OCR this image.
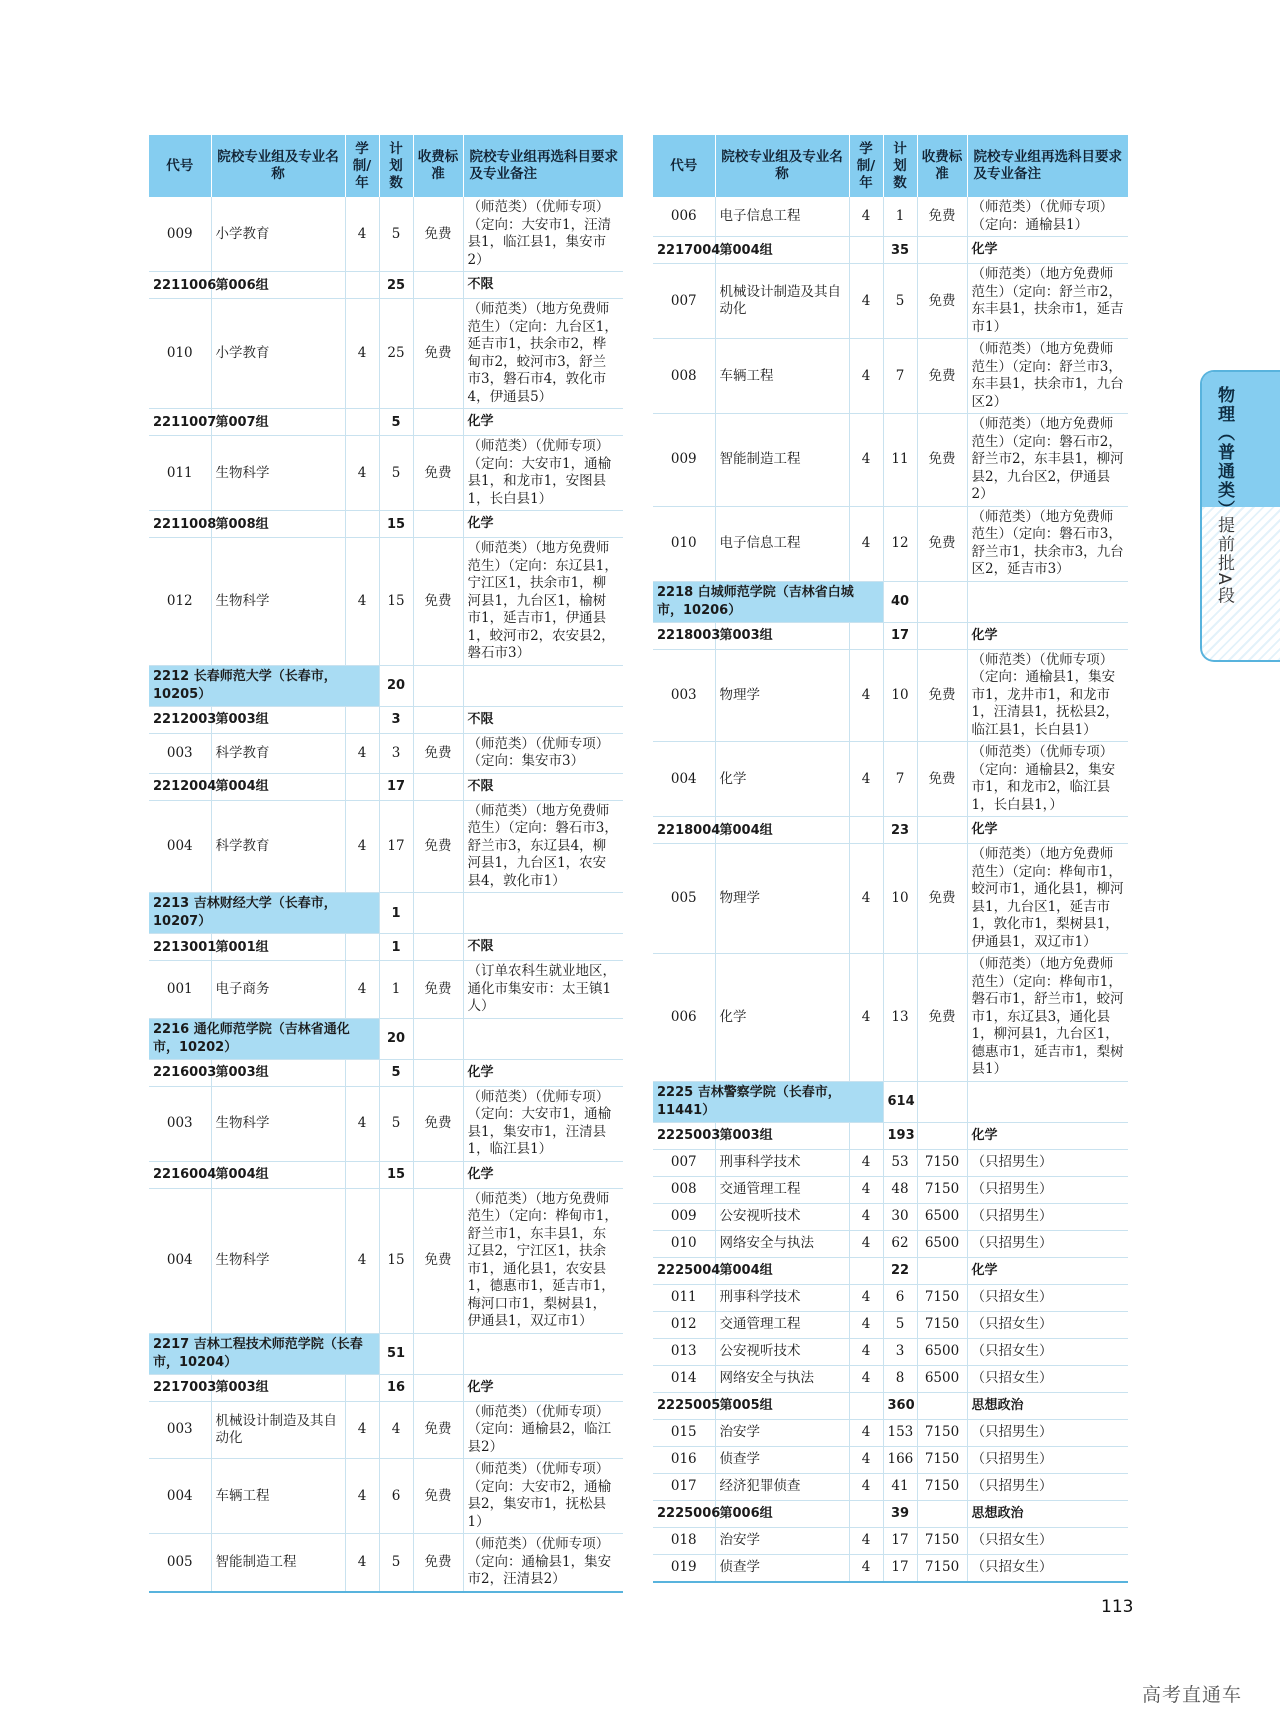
代号	院校专业组及专业名称	学制/年	计划数	收费标准	院校专业组再选科目要求及专业备注
009	小学教育	4	5	免费	（师范类）（优师专项）（定向：大安市1，汪清县1，临江县1，集安市2）
2211006	第006组		25		不限
010	小学教育	4	25	免费	（师范类）（地方免费师范生）（定向：九台区1，延吉市1，扶余市2，桦甸市2，蛟河市3，舒兰市3，磐石市4，敦化市4，伊通县5）
2211007	第007组		5		化学
011	生物科学	4	5	免费	（师范类）（优师专项）（定向：大安市1，通榆县1，和龙市1，安图县1，长白县1）
2211008	第008组		15		化学
012	生物科学	4	15	免费	（师范类）（地方免费师范生）（定向：东辽县1，宁江区1，扶余市1，柳河县1，九台区1，榆树市1，延吉市1，伊通县1，蛟河市2，农安县2，磐石市3）
2212 长春师范大学（长春市，10205）			20		
2212003	第003组		3		不限
003	科学教育	4	3	免费	（师范类）（优师专项）（定向：集安市3）
2212004	第004组		17		不限
004	科学教育	4	17	免费	（师范类）（地方免费师范生）（定向：磐石市3，舒兰市3，东辽县4，柳河县1，九台区1，农安县4，敦化市1）
2213 吉林财经大学（长春市，10207）			1		
2213001	第001组		1		不限
001	电子商务	4	1	免费	（订单农科生就业地区，通化市集安市：太王镇1人）
2216 通化师范学院（吉林省通化市，10202）			20		
2216003	第003组		5		化学
003	生物科学	4	5	免费	（师范类）（优师专项）（定向：大安市1，通榆县1，集安市1，汪清县1，临江县1）
2216004	第004组		15		化学
004	生物科学	4	15	免费	（师范类）（地方免费师范生）（定向：桦甸市1，舒兰市1，东丰县1，东辽县2，宁江区1，扶余市1，通化县1，农安县1，德惠市1，延吉市1，梅河口市1，梨树县1，伊通县1，双辽市1）
2217 吉林工程技术师范学院（长春市，10204）			51		
2217003	第003组		16		化学
003	机械设计制造及其自动化	4	4	免费	（师范类）（优师专项）（定向：通榆县2，临江县2）
004	车辆工程	4	6	免费	（师范类）（优师专项）（定向：大安市2，通榆县2，集安市1，抚松县1）
005	智能制造工程	4	5	免费	（师范类）（优师专项）（定向：通榆县1，集安市2，汪清县2）
代号	院校专业组及专业名称	学制/年	计划数	收费标准	院校专业组再选科目要求及专业备注
006	电子信息工程	4	1	免费	（师范类）（优师专项）（定向：通榆县1）
2217004	第004组		35		化学
007	机械设计制造及其自动化	4	5	免费	（师范类）（地方免费师范生）（定向：舒兰市2，东丰县1，扶余市1，延吉市1）
008	车辆工程	4	7	免费	（师范类）（地方免费师范生）（定向：舒兰市3，东丰县1，扶余市1，九台区2）
009	智能制造工程	4	11	免费	（师范类）（地方免费师范生）（定向：磐石市2，舒兰市2，东丰县1，柳河县2，九台区2，伊通县2）
010	电子信息工程	4	12	免费	（师范类）（地方免费师范生）（定向：磐石市3，舒兰市1，扶余市3，九台区2，延吉市3）
2218 白城师范学院（吉林省白城市，10206）			40		
2218003	第003组		17		化学
003	物理学	4	10	免费	（师范类）（优师专项）（定向：通榆县1，集安市1，龙井市1，和龙市1，汪清县1，抚松县2，临江县1，长白县1）
004	化学	4	7	免费	（师范类）（优师专项）（定向：通榆县2，集安市1，和龙市2，临江县1，长白县1，）
2218004	第004组		23		化学
005	物理学	4	10	免费	（师范类）（地方免费师范生）（定向：桦甸市1，蛟河市1，通化县1，柳河县1，九台区1，延吉市1，敦化市1，梨树县1，伊通县1，双辽市1）
006	化学	4	13	免费	（师范类）（地方免费师范生）（定向：桦甸市1，磐石市1，舒兰市1，蛟河市1，东辽县3，通化县1，柳河县1，九台区1，德惠市1，延吉市1，梨树县1）
2225 吉林警察学院（长春市，11441）			614		
2225003	第003组		193		化学
007	刑事科学技术	4	53	7150	（只招男生）
008	交通管理工程	4	48	7150	（只招男生）
009	公安视听技术	4	30	6500	（只招男生）
010	网络安全与执法	4	62	6500	（只招男生）
2225004	第004组		22		化学
011	刑事科学技术	4	6	7150	（只招女生）
012	交通管理工程	4	5	7150	（只招女生）
013	公安视听技术	4	3	6500	（只招女生）
014	网络安全与执法	4	8	6500	（只招女生）
2225005	第005组		360		思想政治
015	治安学	4	153	7150	（只招男生）
016	侦查学	4	166	7150	（只招男生）
017	经济犯罪侦查	4	41	7150	（只招男生）
2225006	第006组		39		思想政治
018	治安学	4	17	7150	（只招女生）
019	侦查学	4	17	7150	（只招女生）
物理（普通类）
提前批A段
113
高考直通车
